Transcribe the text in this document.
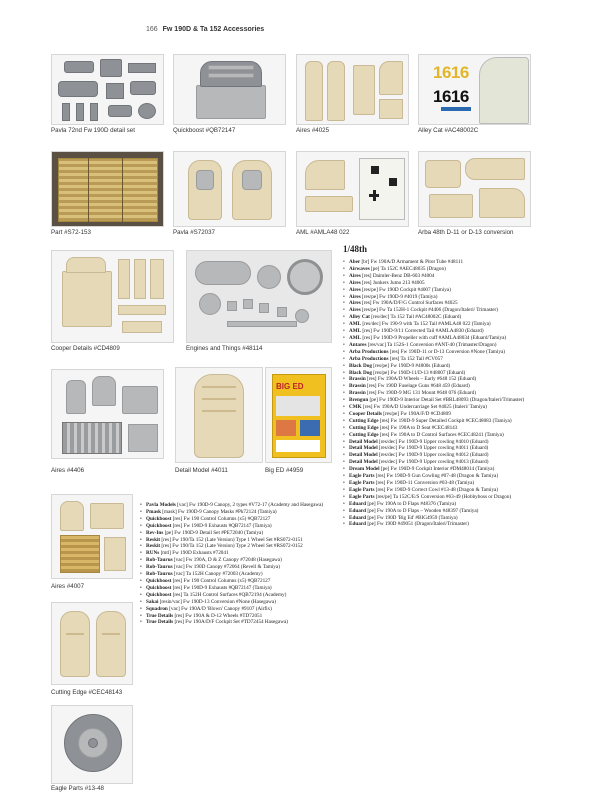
166 Fw 190D & Ta 152 Accessories
Pavla 72nd Fw 190D detail set	Quickboost #QB72147	Aires #4025
1616
1616
Alley Cat #AC48002C
Part #S72-153	Pavla #S72037	AML #AMLA48 022	Arba 48th D-11 or D-13 conversion
Cooper Details #CD4809	Engines and Things #48114
Aires #4406	Detail Model #4011
BIG ED
Big ED #4959
Aires #4007
Cutting Edge #CEC48143
Eagle Parts #13-48
1/48th
• Pavla Models [vac] Fw 190D-9 Canopy, 2 types #V72-17 (Academy and Hasegawa)
• Pmask [mask] Fw 190D-9 Canopy Masks #Pk72124 (Tamiya)
• Quickboost [res] Fw 190 Control Columns (x5) #QB72127
• Quickboost [res] Fw 190D-9 Exhausts #QB72147 (Tamiya)
• Rev-Ins [pe] Fw 190D-9 Detail Set #PE72040 (Tamiya)
• Reskit [res] Fw 190/Ta 152 (Late Version) Type 1 Wheel Set #RS072-0151
• Reskit [res] Fw 190/Ta 152 (Late Version) Type 2 Wheel Set #RS072-0152
• RUNs [mtl] Fw 190D Exhausts #72041
• Rob-Taurus [vac] Fw 190A, D & Z Canopy #72048 (Hasegawa)
• Rob-Taurus [vac] Fw 190D Canopy #72064 (Revell & Tamiya)
• Rob-Taurus [vac] Ta 152H Canopy #72003 (Academy)
• Quickboost [res] Fw 190 Control Columns (x5) #QB72127
• Quickboost [res] Fw 190D-9 Exhausts #QB72147 (Tamiya)
• Quickboost [res] Ta 152H Control Surfaces #QB72194 (Academy)
• Sakai [resin/vac] Fw 190D-13 Conversion #None (Hasegawa)
• Squadron [vac] Fw 190A/D 'Blown' Canopy #9107 (Airfix)
• True Details [res] Fw 190A & D-12 Wheels #TD72051
• True Details [res] Fw 190A/D/F Cockpit Set #TD72454 Hasegawa)
• Aber [br] Fw 190A/D Armament & Pitot Tube #48111
• Airwaves [pe] Ta 152C #AEC48035 (Dragon)
• Aires [res] Daimler-Benz DB-603 #4004
• Aires [res] Junkers Jumo 213 #4005
• Aires [res/pe] Fw 190D Cockpit #4007 (Tamiya)
• Aires [res/pe] Fw 190D-9 #4019 (Tamiya)
• Aires [res] Fw 190A/D/F/G Control Surfaces #4025
• Aires [res/pe] Fw Ta 152H-1 Cockpit #4406 (Dragon/Italeri/ Trimaster)
• Alley Cat [res/dec] Ta 152 Tail #AC48002C (Eduard)
• AML [res/dec] Fw 190-9 with Ta 152 Tail #AMLA48 022 (Tamiya)
• AML [res] Fw 190D-9/11 Corrected Tail #AMLA4830 (Eduard)
• AML [res] Fw 190D-9 Propeller with cuff #AMLA48034 (Eduard/Tamiya)
• Antares [res/vac] Ta 152S-1 Conversion #ANT-40 (Trimaster/Dragon)
• Arba Productions [res] Fw 190D-11 or D-13 Conversion #None (Tamiya)
• Arba Productions [res] Ta 152 Tail #CV057
• Black Dog [res/pe] Fw 190D-9 #4800s (Eduard)
• Black Dog [res/pe] Fw 190D-11/D-13 #48007 (Eduard)
• Brassin [res] Fw 190A/D Wheels – Early #648 152 (Eduard)
• Brassin [res] Fw 190D Fuselage Guns #648 459 (Eduard)
• Brassin [res] Fw 190D-9 MG 131 Mount #648 076 (Eduard)
• Brengun [pe] Fw 190D-9 Interior Detail Set #BRL48093 (Dragon/Italeri/Trimaster)
• CMK [res] Fw 190A/D Undercarriage Set #4025 (Italeri/ Tamiya)
• Cooper Details [res/pe] Fw 190A/F/D #CD4809
• Cutting Edge [res] Fw 190D-9 Super Detailed Cockpit #CEC48083 (Tamiya)
• Cutting Edge [res] Fw 190A to D Seat #CEC48143
• Cutting Edge [res] Fw 190A to D Control Surfaces #CEC48241 (Tamiya)
• Detail Model [res/dec] Fw 190D-9 Upper cowling #4010 (Eduard)
• Detail Model [res/dec] Fw 190D-9 Upper cowling #4011 (Eduard)
• Detail Model [res/dec] Fw 190D-9 Upper cowling #4012 (Eduard)
• Detail Model [res/dec] Fw 190D-9 Upper cowling #4013 (Eduard)
• Dream Model [pe] Fw 190D-9 Cockpit Interior #DM48014 (Tamiya)
• Eagle Parts [res] Fw 190D-9 Gun Cowling #07-48 (Dragon & Tamiya)
• Eagle Parts [res] Fw 190D-11 Conversion #03-48 (Tamiya)
• Eagle Parts [res] Fw 190D-9 Correct Cowl #13-48 (Dragon & Tamiya)
• Eagle Parts [res/pe] Ta 152C/E/S Conversion #63-49 (Hobbyboss or Dragon)
• Eduard [pe] Fw 190A to D Flaps #48376 (Tamiya)
• Eduard [pe] Fw 190A to D Flaps – Wooden #48397 (Tamiya)
• Eduard [pe] Fw 190D 'Big Ed' #BIG4959 (Tamiya)
• Eduard [pe] Fw 190D #49051 (Dragon/Italeri/Trimaster)
